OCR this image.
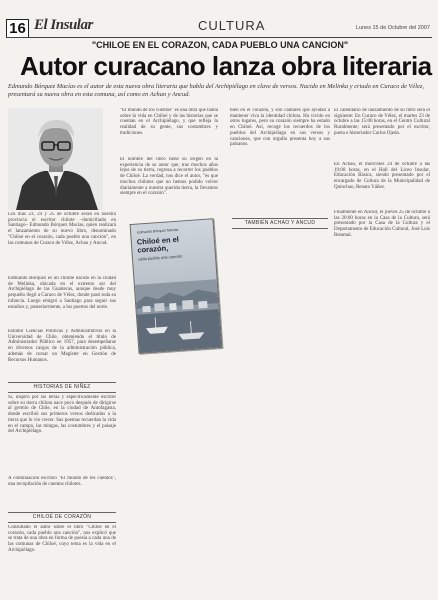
16 El Insular
	CULTURA	Lunes 15 de Octubre del 2007
"CHILOE EN EL CORAZON, CADA PUEBLO UNA CANCION"
Autor curacano lanza obra literaria
Edmundo Bórquez Macías es el autor de esta nueva obra literaria que habla del Archipiélago en clave de versos. Nacido en Melinka y criado en Curaco de Vélez, presentará su nueva obra en esta comuna, así como en Achao y Ancud.
Los días 23, 24 y 25 de octubre serán en nuestra provincia el escritor chilote –domiciliado en Santiago– Edmundo Bórquez Macías, quien realizará el lanzamiento de su nuevo libro, denominado "Chiloé en el corazón, cada pueblo una canción", en las comunas de Curaco de Vélez, Achao y Ancud.
Edmundo Bórquez es un chilote nacido en la ciudad de Melinka, ubicada en el extremo sur del Archipiélago de las Guaitecas, aunque desde muy pequeño llegó a Curaco de Vélez, donde pasó toda su infancia. Luego emigró a Santiago para seguir sus estudios y, posteriormente, a los puertos del norte.
Estudió Ciencias Políticas y Administrativas en la Universidad de Chile, obteniendo el título de Administrador Público en 1957, para desempeñarse en diversos cargos de la administración pública, además de cursar un Magíster en Gestión de Recursos Humanos.
HISTORIAS DE NIÑEZ
Sí, inspiró por las letras y específicamente escribir sobre su tierra chilota nace poco después de dirigirse al gremio de Chile, en la ciudad de Antofagasta, donde escribió sus primeros versos dedicados a la tierra que lo vio crecer. Sus poemas recuerdan la vida en el campo, las mingas, las costumbres y el paisaje del Archipiélago.
A continuación escribió "El mundo de los cuentos", una recopilación de cuentos chilotes.
CHILOÉ DE CORAZÓN
Consultado el autor sobre el libro "Chiloé en el corazón, cada pueblo una canción", nos explicó que se trata de una obra en forma de poesía a cada una de las comunas de Chiloé, cuyo tema es la vida en el Archipiélago.
"El mundo de los cuentos" es una obra que habla sobre la vida en Chiloé y de las historias que se cuentan en el Archipiélago, y que refleja la realidad de su gente, sus costumbres y tradiciones.
El nombre del libro tiene su origen en la experiencia de su autor que, tras muchos años lejos de su tierra, regresa a recorrer los pueblos de Chiloé. La verdad, nos dice el autor, "es que muchos chilotes que no hemos podido volver diariamente a nuestra querida tierra, la llevamos siempre en el corazón".
Edmundo Bórquez Macías
Chiloé en el corazón,
cada pueblo una canción
bién en el corazón, y son cantares que ayudan a mantener viva la identidad chilota. Ha vivido en otros lugares, pero su corazón siempre ha estado en Chiloé. Así, recoge los recuerdos de los pueblos del Archipiélago en sus versos y canciones, que con orgullo presenta hoy a sus paisanos.
TAMBIÉN ACHAO Y ANCUD
El calendario de lanzamiento de su libro será el siguiente: En Curaco de Vélez, el martes 23 de octubre a las 15:00 horas, en el Centro Cultural Ruralmente; será presentado por el escritor, poeta e historiador Carlos Ojeda.
En Achao, el miércoles 24 de octubre a las 19:00 horas, en el Hall del Liceo Insular, Educación Básica, siendo presentado por el encargado de Cultura de la Municipalidad de Quinchao, Renato Yáñez.
Finalmente en Ancud, el jueves 25 de octubre a las 20:00 horas en la Casa de la Cultura, será presentado por la Casa de la Cultura y el Departamento de Educación Cultural, José Luis Retamal.
